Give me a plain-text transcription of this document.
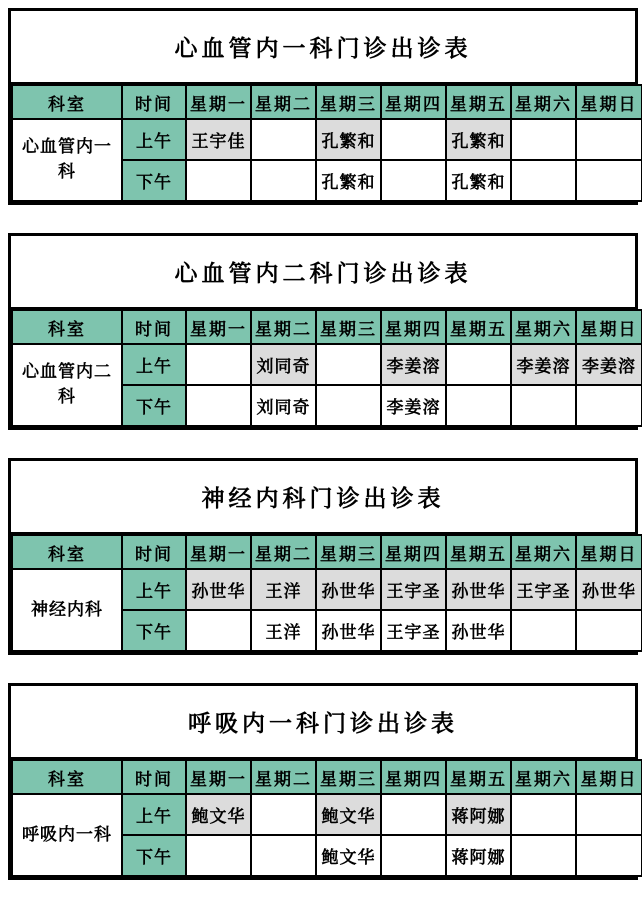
心血管内一科门诊出诊表
科室	时间	星期一	星期二	星期三	星期四	星期五	星期六	星期日
心血管内一科	上午	王宇佳		孔繁和		孔繁和		
	下午			孔繁和		孔繁和		
心血管内二科门诊出诊表
科室	时间	星期一	星期二	星期三	星期四	星期五	星期六	星期日
心血管内二科	上午		刘同奇		李姜溶		李姜溶	李姜溶
	下午		刘同奇		李姜溶			
神经内科门诊出诊表
科室	时间	星期一	星期二	星期三	星期四	星期五	星期六	星期日
神经内科	上午	孙世华	王洋	孙世华	王宇圣	孙世华	王宇圣	孙世华
	下午		王洋	孙世华	王宇圣	孙世华		
呼吸内一科门诊出诊表
科室	时间	星期一	星期二	星期三	星期四	星期五	星期六	星期日
呼吸内一科	上午	鲍文华		鲍文华		蒋阿娜		
	下午			鲍文华		蒋阿娜		
